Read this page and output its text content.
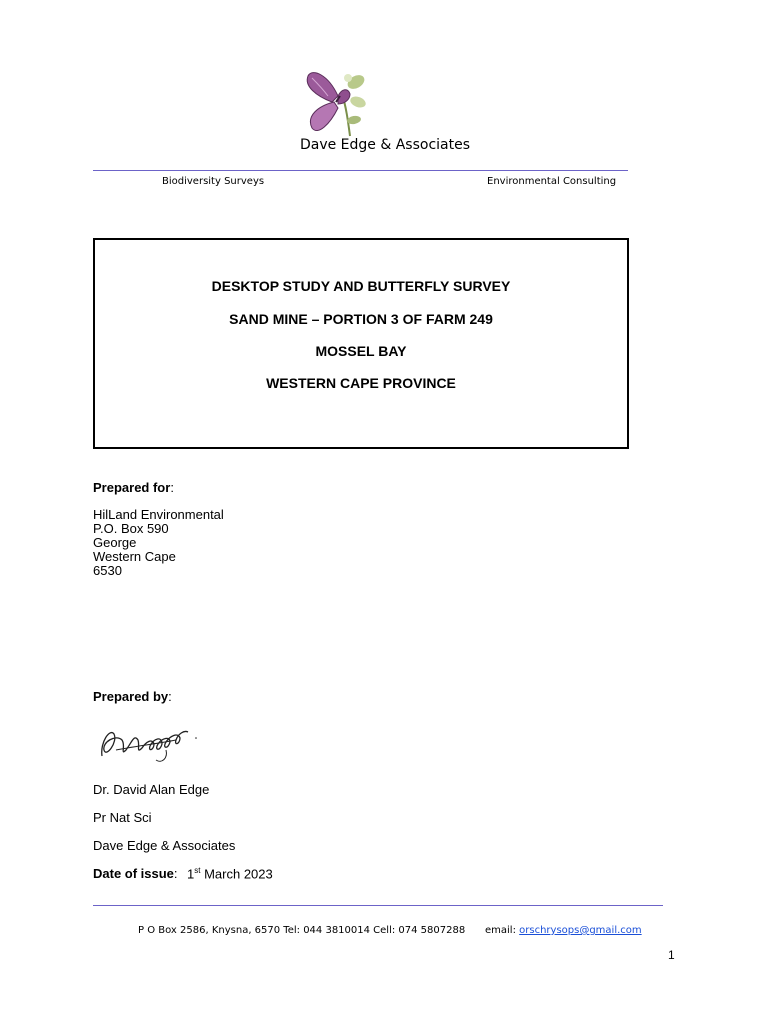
Dave Edge & Associates
Biodiversity Surveys	Environmental Consulting
DESKTOP STUDY AND BUTTERFLY SURVEY
SAND MINE – PORTION 3 OF FARM 249
MOSSEL BAY
WESTERN CAPE PROVINCE
Prepared for:
HilLand Environmental
P.O. Box 590
George
Western Cape
6530
Prepared by:
Dr. David Alan Edge
Pr Nat Sci
Dave Edge & Associates
Date of issue: 1st March 2023
P O Box 2586, Knysna, 6570 Tel: 044 3810014 Cell: 074 5807288 email: orschrysops@gmail.com
1
